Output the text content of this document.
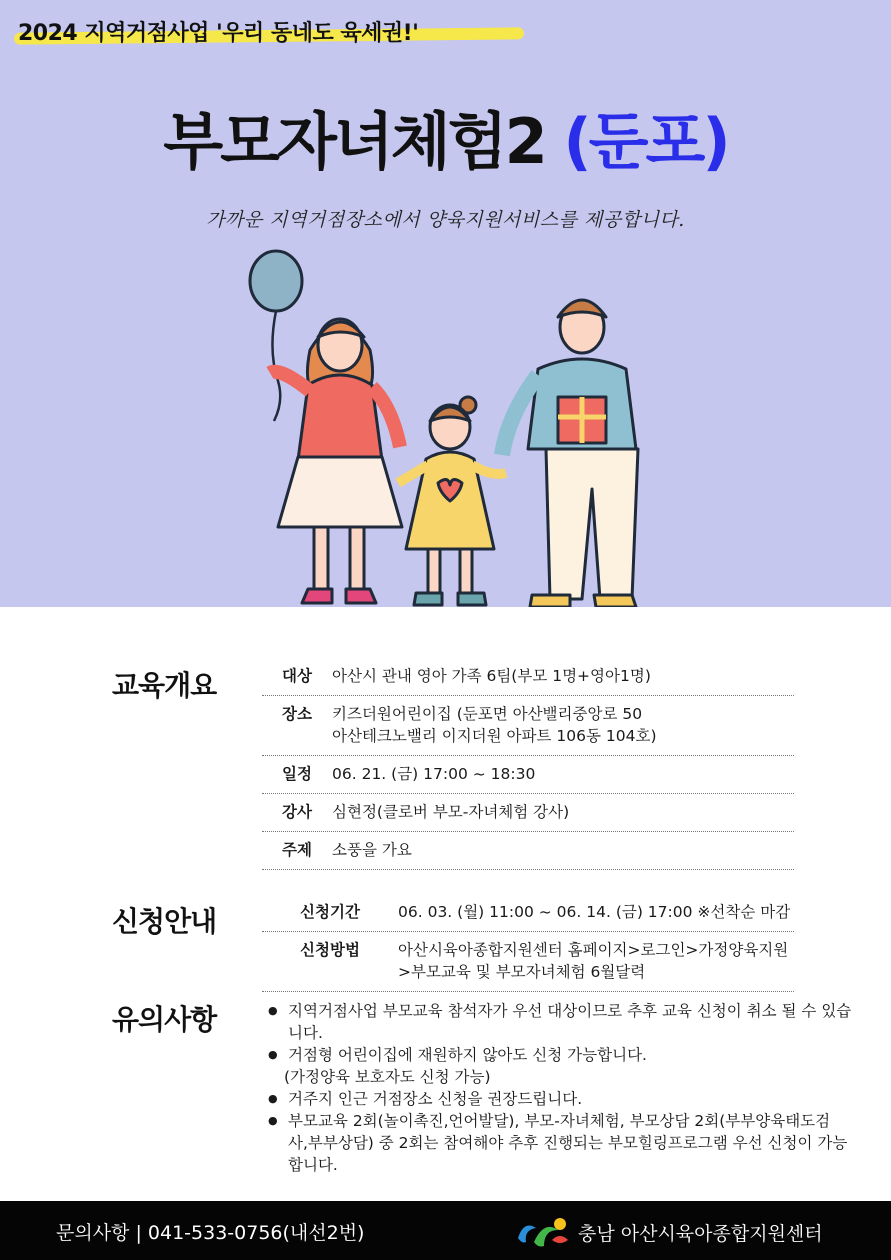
2024 지역거점사업 '우리 동네도 육세권!'
부모자녀체험2 (둔포)
가까운 지역거점장소에서 양육지원서비스를 제공합니다.
교육개요	대상	아산시 관내 영아 가족 6팀(부모 1명+영아1명)
장소	키즈더원어린이집 (둔포면 아산밸리중앙로 50
아산테크노밸리 이지더원 아파트 106동 104호)
일정	06. 21. (금) 17:00 ~ 18:30
강사	심현정(클로버 부모-자녀체험 강사)
주제	소풍을 가요
신청안내	신청기간	06. 03. (월) 11:00 ~ 06. 14. (금) 17:00 ※선착순 마감
신청방법	아산시육아종합지원센터 홈페이지>로그인>가정양육지원
>부모교육 및 부모자녀체험 6월달력
유의사항
●	지역거점사업 부모교육 참석자가 우선 대상이므로 추후 교육 신청이 취소 될 수 있습
니다.
● 거점형 어린이집에 재원하지 않아도 신청 가능합니다.
(가정양육 보호자도 신청 가능)
● 거주지 인근 거점장소 신청을 권장드립니다.
● 부모교육 2회(놀이촉진,언어발달), 부모-자녀체험, 부모상담 2회(부부양육태도검
사,부부상담) 중 2회는 참여해야 추후 진행되는 부모힐링프로그램 우선 신청이 가능
합니다.
문의사항 | 041-533-0756(내선2번)	충남 아산시육아종합지원센터
